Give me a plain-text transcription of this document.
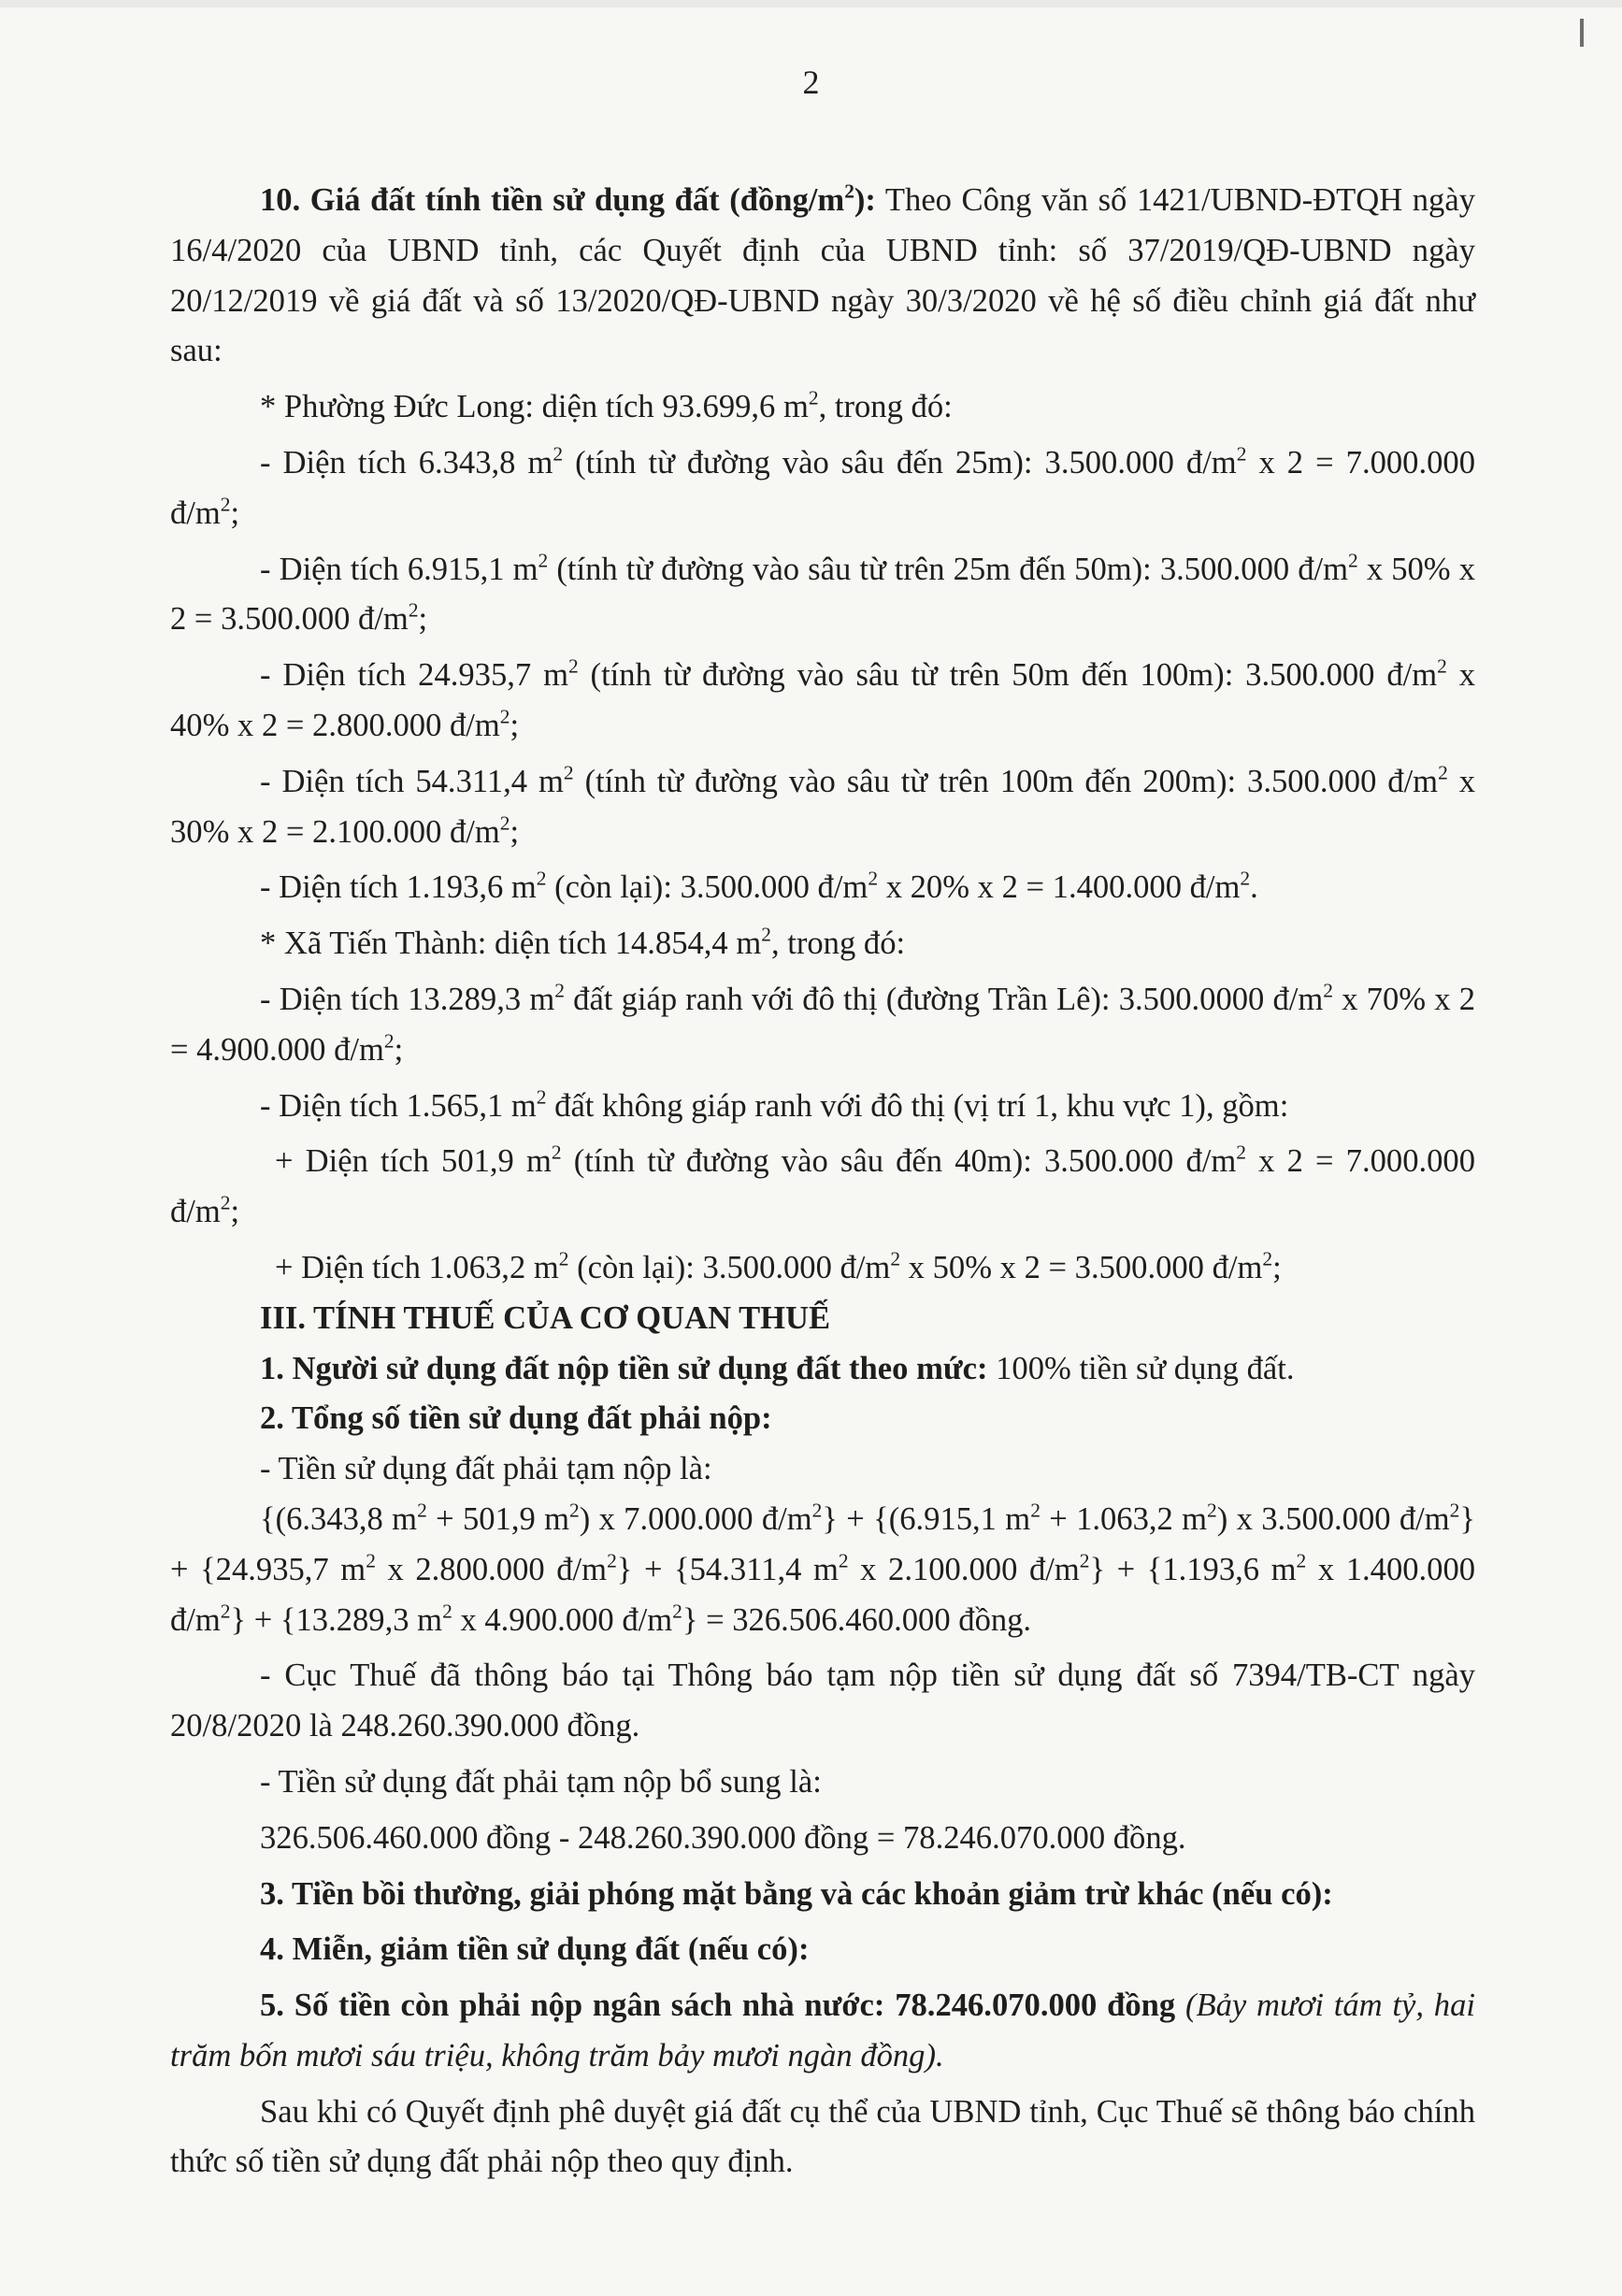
2

10. Giá đất tính tiền sử dụng đất $(đồng/m^2)$: Theo Công văn số 1421/UBND-ĐTQH ngày 16/4/2020 của UBND tỉnh, các Quyết định của UBND tỉnh: số 37/2019/QĐ-UBND ngày 20/12/2019 về giá đất và số 13/2020/QĐ-UBND ngày 30/3/2020 về hệ số điều chỉnh giá đất như sau:

* Phường Đức Long: diện tích 93.699,6 $m^2$, trong đó:

- Diện tích 6.343,8 $m^2$ (tính từ đường vào sâu đến 25m): 3.500.000 $đ/m^2$ x 2 = 7.000.000 $đ/m^2$;

- Diện tích 6.915,1 $m^2$ (tính từ đường vào sâu từ trên 25m đến 50m): 3.500.000 $đ/m^2$ x 50% x 2 = 3.500.000 $đ/m^2$;

- Diện tích 24.935,7 $m^2$ (tính từ đường vào sâu từ trên 50m đến 100m): 3.500.000 $đ/m^2$ x 40% x 2 = 2.800.000 $đ/m^2$;

- Diện tích 54.311,4 $m^2$ (tính từ đường vào sâu từ trên 100m đến 200m): 3.500.000 $đ/m^2$ x 30% x 2 = 2.100.000 $đ/m^2$;

- Diện tích 1.193,6 $m^2$ (còn lại): 3.500.000 $đ/m^2$ x 20% x 2 = 1.400.000 $đ/m^2$.

* Xã Tiến Thành: diện tích 14.854,4 $m^2$, trong đó:

- Diện tích 13.289,3 $m^2$ đất giáp ranh với đô thị (đường Trần Lê): 3.500.0000 $đ/m^2$ x 70% x 2 = 4.900.000 $đ/m^2$;

- Diện tích 1.565,1 $m^2$ đất không giáp ranh với đô thị (vị trí 1, khu vực 1), gồm:

+ Diện tích 501,9 $m^2$ (tính từ đường vào sâu đến 40m): 3.500.000 $đ/m^2$ x 2 = 7.000.000 $đ/m^2$;

+ Diện tích 1.063,2 $m^2$ (còn lại): 3.500.000 $đ/m^2$ x 50% x 2 = 3.500.000 $đ/m^2$;

III. TÍNH THUẾ CỦA CƠ QUAN THUẾ

1. Người sử dụng đất nộp tiền sử dụng đất theo mức: 100% tiền sử dụng đất.

2. Tổng số tiền sử dụng đất phải nộp:

- Tiền sử dụng đất phải tạm nộp là:

{(6.343,8 $m^2 + 501,9$ $m^2$) x 7.000.000 $đ/m^2\} + \{(6.915,1$ $m^2 + 1.063,2$ $m^2$) x 3.500.000 $đ/m^2\} + \{24.935,7$ $m^2$ x 2.800.000 $đ/m^2\} + \{54.311,4$ $m^2$ x 2.100.000 $đ/m^2\} + \{1.193,6$ $m^2$ x 1.400.000 $đ/m^2\} + \{13.289,3$ $m^2$ x 4.900.000 $đ/m^2\} = 326.506.460.000$ đồng.

- Cục Thuế đã thông báo tại Thông báo tạm nộp tiền sử dụng đất số 7394/TB-CT ngày 20/8/2020 là 248.260.390.000 đồng.

- Tiền sử dụng đất phải tạm nộp bổ sung là:

326.506.460.000 đồng - 248.260.390.000 đồng = 78.246.070.000 đồng.

3. Tiền bồi thường, giải phóng mặt bằng và các khoản giảm trừ khác (nếu có):

4. Miễn, giảm tiền sử dụng đất (nếu có):

5. Số tiền còn phải nộp ngân sách nhà nước: 78.246.070.000 đồng (Bảy mươi tám tỷ, hai trăm bốn mươi sáu triệu, không trăm bảy mươi ngàn đồng).

Sau khi có Quyết định phê duyệt giá đất cụ thể của UBND tỉnh, Cục Thuế sẽ thông báo chính thức số tiền sử dụng đất phải nộp theo quy định.
